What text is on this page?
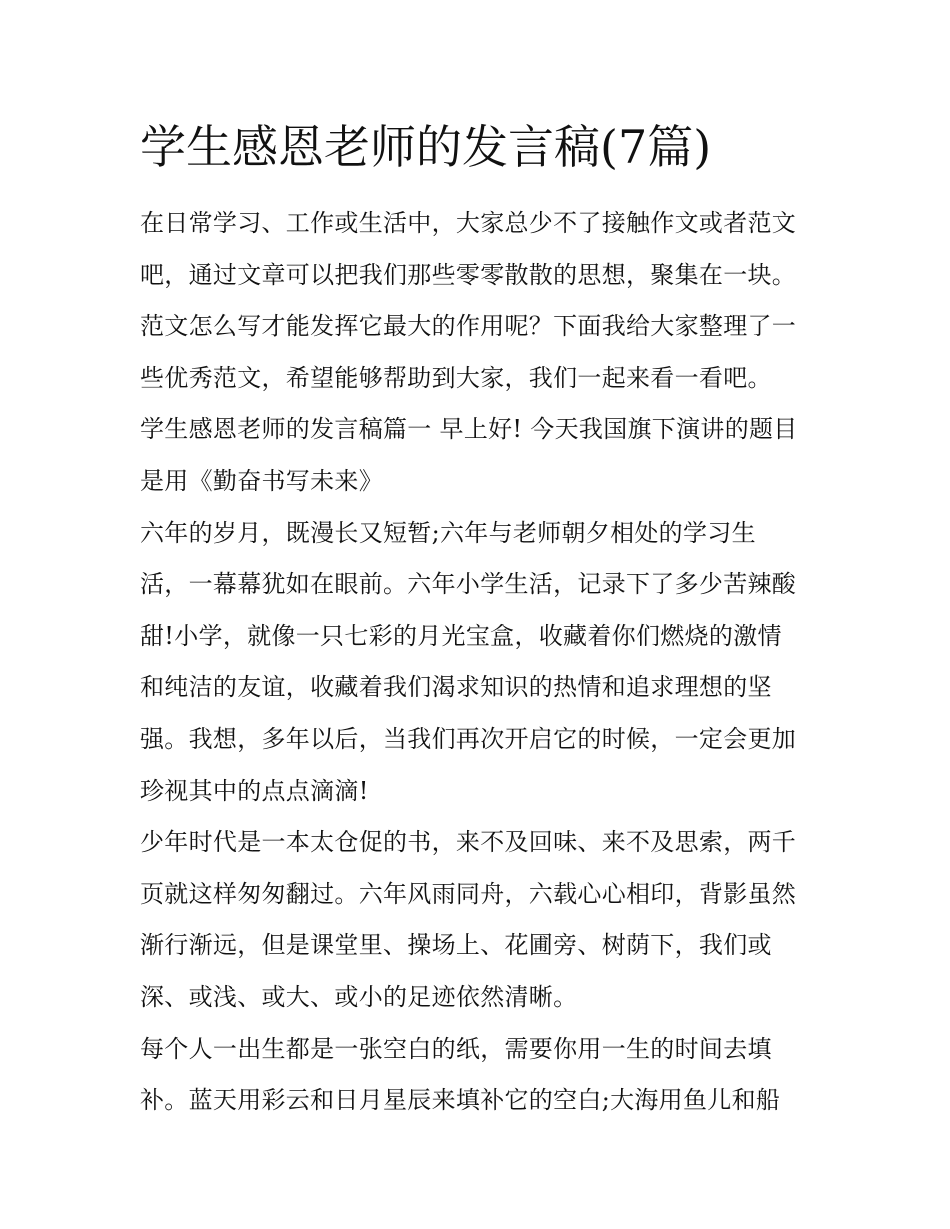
学生感恩老师的发言稿(7篇)
在日常学习、工作或生活中，大家总少不了接触作文或者范文
吧，通过文章可以把我们那些零零散散的思想，聚集在一块。
范文怎么写才能发挥它最大的作用呢？下面我给大家整理了一
些优秀范文，希望能够帮助到大家，我们一起来看一看吧。
学生感恩老师的发言稿篇一 早上好! 今天我国旗下演讲的题目
是用《勤奋书写未来》
六年的岁月，既漫长又短暂;六年与老师朝夕相处的学习生
活，一幕幕犹如在眼前。六年小学生活，记录下了多少苦辣酸
甜!小学，就像一只七彩的月光宝盒，收藏着你们燃烧的激情
和纯洁的友谊，收藏着我们渴求知识的热情和追求理想的坚
强。我想，多年以后，当我们再次开启它的时候，一定会更加
珍视其中的点点滴滴!
少年时代是一本太仓促的书，来不及回味、来不及思索，两千
页就这样匆匆翻过。六年风雨同舟，六载心心相印，背影虽然
渐行渐远，但是课堂里、操场上、花圃旁、树荫下，我们或
深、或浅、或大、或小的足迹依然清晰。
每个人一出生都是一张空白的纸，需要你用一生的时间去填
补。蓝天用彩云和日月星辰来填补它的空白;大海用鱼儿和船
